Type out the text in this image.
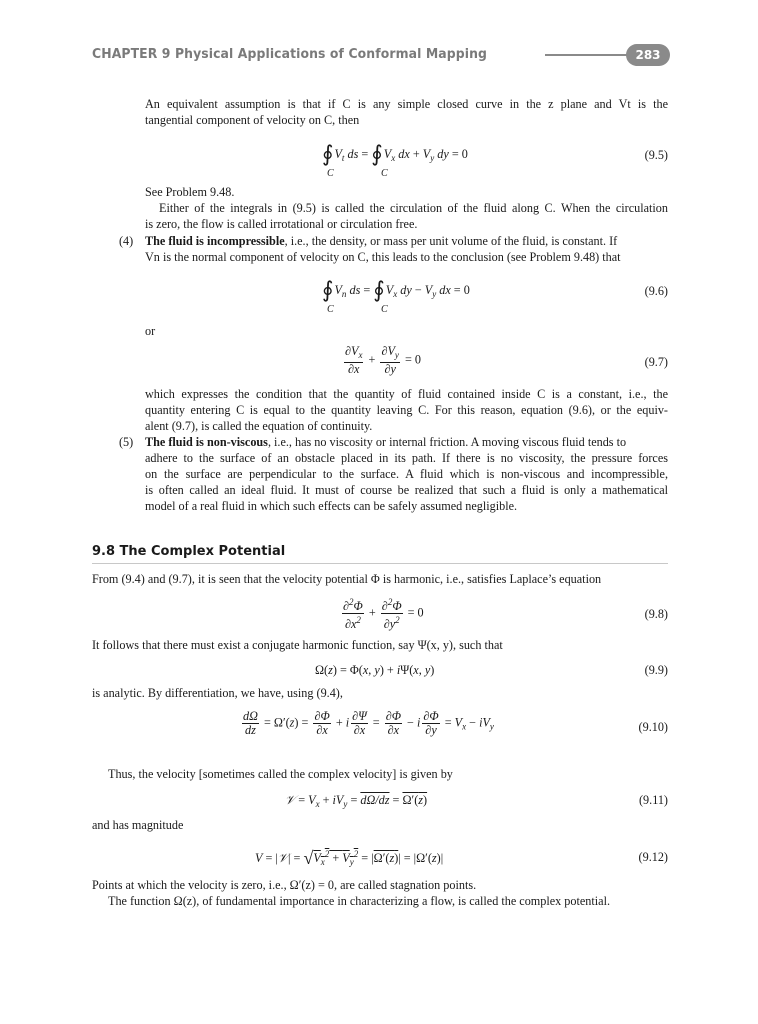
CHAPTER 9 Physical Applications of Conformal Mapping	283
An equivalent assumption is that if C is any simple closed curve in the z plane and Vt is the
tangential component of velocity on C, then
$∮V_t$ ds = $∮V_x$ dx + $V_y$ dy = 0
C	C
(9.5)
See Problem 9.48.
Either of the integrals in (9.5) is called the circulation of the fluid along C. When the circulation
is zero, the flow is called irrotational or circulation free.
(4) The fluid is incompressible, i.e., the density, or mass per unit volume of the fluid, is constant. If
Vn is the normal component of velocity on C, this leads to the conclusion (see Problem 9.48) that
$∮V_n$ ds = $∮V_x$ dy − $V_y$ dx = 0
C	C
(9.6)
or
$\frac{\partial V_x}{\partial x} + \frac{\partial V_y}{\partial y} = 0$	(9.7)
which expresses the condition that the quantity of fluid contained inside C is a constant, i.e., the
quantity entering C is equal to the quantity leaving C. For this reason, equation (9.6), or the equiv-
alent (9.7), is called the equation of continuity.
(5) The fluid is non-viscous, i.e., has no viscosity or internal friction. A moving viscous fluid tends to
adhere to the surface of an obstacle placed in its path. If there is no viscosity, the pressure forces
on the surface are perpendicular to the surface. A fluid which is non-viscous and incompressible,
is often called an ideal fluid. It must of course be realized that such a fluid is only a mathematical
model of a real fluid in which such effects can be safely assumed negligible.
9.8 The Complex Potential
From (9.4) and (9.7), it is seen that the velocity potential Φ is harmonic, i.e., satisfies Laplace’s equation
$\frac{\partial^2\Phi}{\partial x^2} + \frac{\partial^2\Phi}{\partial y^2} = 0$	(9.8)
It follows that there must exist a conjugate harmonic function, say Ψ(x, y), such that
Ω(z) = Φ(x, y) + iΨ(x, y)	(9.9)
is analytic. By differentiation, we have, using (9.4),
$\frac{d\Omega}{dz} = \Omega'(z) = \frac{\partial\Phi}{\partial x} + i \frac{\partial\Psi}{\partial x} = \frac{\partial\Phi}{\partial x} - i \frac{\partial\Phi}{\partial y} = V_x - iV_y$	(9.10)
Thus, the velocity [sometimes called the complex velocity] is given by
𝒱 = $V_x + iV_y = d\Omega/dz = \Omega'(z)$	(9.11)
and has magnitude
V = |𝒱| = $√V_x^2 + V_y^2 = |\Omega'(z)| = |\Omega'(z)|$	(9.12)
Points at which the velocity is zero, i.e., Ω′(z) = 0, are called stagnation points.
The function Ω(z), of fundamental importance in characterizing a flow, is called the complex potential.
